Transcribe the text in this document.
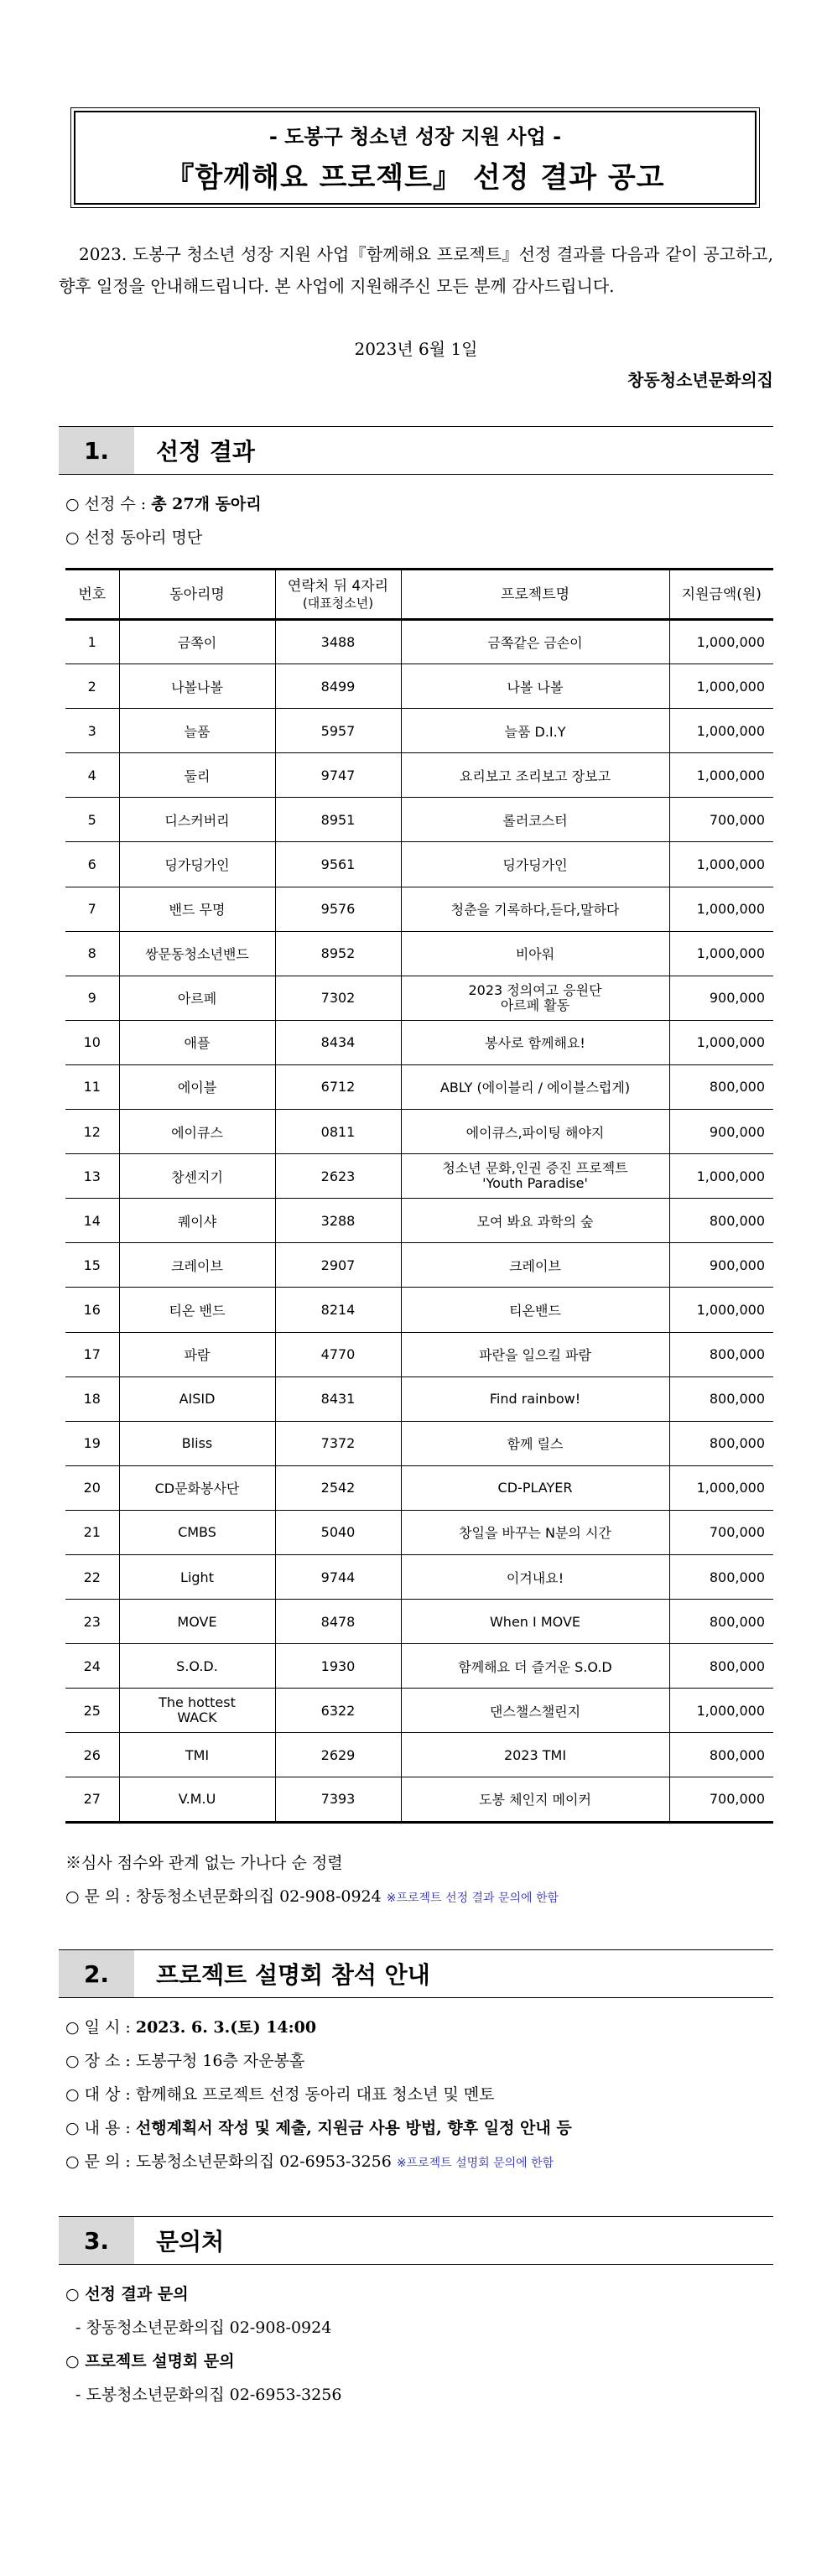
- 도봉구 청소년 성장 지원 사업 -
『함께해요 프로젝트』 선정 결과 공고

2023. 도봉구 청소년 성장 지원 사업『함께해요 프로젝트』선정 결과를 다음과 같이 공고하고, 향후 일정을 안내해드립니다. 본 사업에 지원해주신 모든 분께 감사드립니다.

2023년 6월 1일
창동청소년문화의집
1.	선정 결과
○ 선정 수 : 총 27개 동아리
○ 선정 동아리 명단
번호	동아리명	연락처 뒤 4자리
(대표청소년)	프로젝트명	지원금액(원)
1	금쪽이	3488	금쪽같은 금손이	1,000,000
2	나볼나볼	8499	나볼 나볼	1,000,000
3	늘품	5957	늘품 D.I.Y	1,000,000
4	둘리	9747	요리보고 조리보고 장보고	1,000,000
5	디스커버리	8951	롤러코스터	700,000
6	딩가딩가인	9561	딩가딩가인	1,000,000
7	밴드 무명	9576	청춘을 기록하다,듣다,말하다	1,000,000
8	쌍문동청소년밴드	8952	비아워	1,000,000
9	아르페	7302	2023 정의여고 응원단
아르페 활동	900,000
10	애플	8434	봉사로 함께해요!	1,000,000
11	에이블	6712	ABLY (에이블리 / 에이블스럽게)	800,000
12	에이큐스	0811	에이큐스,파이팅 해야지	900,000
13	창센지기	2623	청소년 문화,인권 증진 프로젝트
'Youth Paradise'	1,000,000
14	퀘이샤	3288	모여 봐요 과학의 숲	800,000
15	크레이브	2907	크레이브	900,000
16	티온 밴드	8214	티온밴드	1,000,000
17	파람	4770	파란을 일으킬 파람	800,000
18	AISID	8431	Find rainbow!	800,000
19	Bliss	7372	함께 릴스	800,000
20	CD문화봉사단	2542	CD-PLAYER	1,000,000
21	CMBS	5040	창일을 바꾸는 N분의 시간	700,000
22	Light	9744	이겨내요!	800,000
23	MOVE	8478	When I MOVE	800,000
24	S.O.D.	1930	함께해요 더 즐거운 S.O.D	800,000
25	The hottest
WACK	6322	댄스챌스챌린지	1,000,000
26	TMI	2629	2023 TMI	800,000
27	V.M.U	7393	도봉 체인지 메이커	700,000
※심사 점수와 관계 없는 가나다 순 정렬
○ 문 의 : 창동청소년문화의집 02-908-0924 ※프로젝트 선정 결과 문의에 한함
2.	프로젝트 설명회 참석 안내
○ 일 시 : 2023. 6. 3.(토) 14:00
○ 장 소 : 도봉구청 16층 자운봉홀
○ 대 상 : 함께해요 프로젝트 선정 동아리 대표 청소년 및 멘토
○ 내 용 : 선행계획서 작성 및 제출, 지원금 사용 방법, 향후 일정 안내 등
○ 문 의 : 도봉청소년문화의집 02-6953-3256 ※프로젝트 설명회 문의에 한함
3.	문의처
○ 선정 결과 문의
- 창동청소년문화의집 02-908-0924
○ 프로젝트 설명회 문의
- 도봉청소년문화의집 02-6953-3256
